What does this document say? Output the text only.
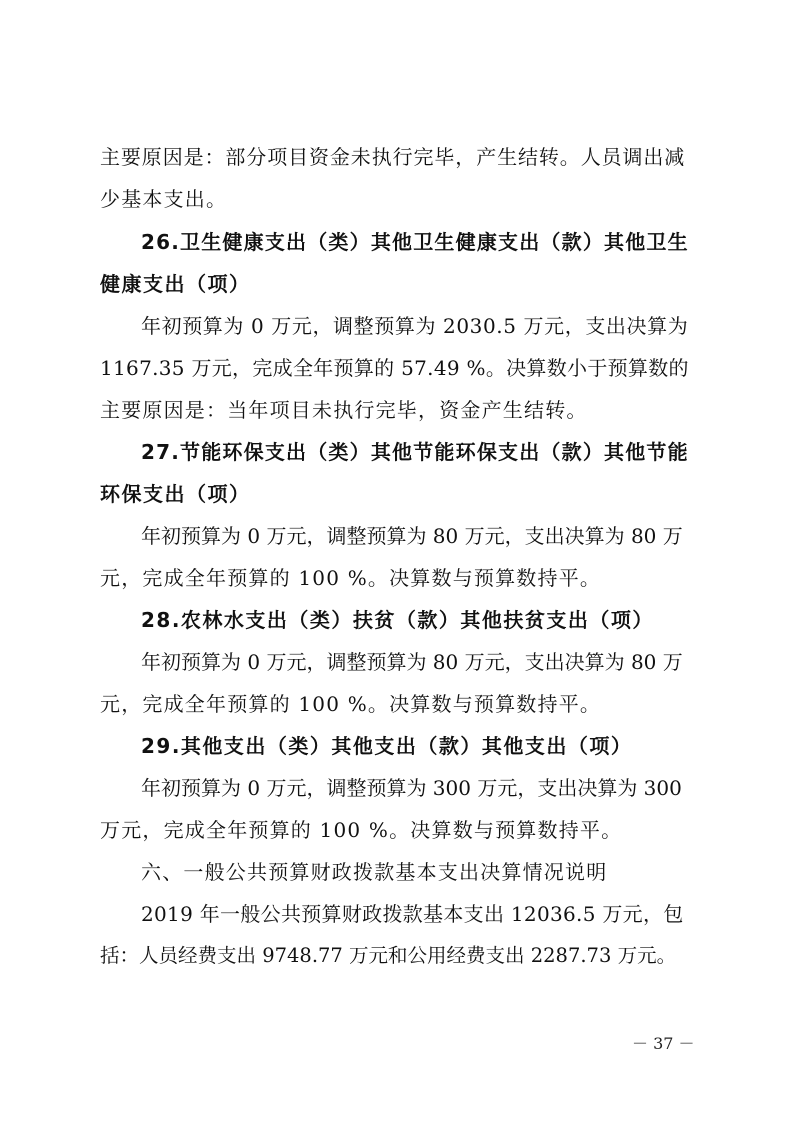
主要原因是：部分项目资金未执行完毕，产生结转。人员调出减
少基本支出。
26.卫生健康支出（类）其他卫生健康支出（款）其他卫生
健康支出（项）
年初预算为 0 万元，调整预算为 2030.5 万元，支出决算为
1167.35 万元，完成全年预算的 57.49 %。决算数小于预算数的
主要原因是：当年项目未执行完毕，资金产生结转。
27.节能环保支出（类）其他节能环保支出（款）其他节能
环保支出（项）
年初预算为 0 万元，调整预算为 80 万元，支出决算为 80 万
元，完成全年预算的 100 %。决算数与预算数持平。
28.农林水支出（类）扶贫（款）其他扶贫支出（项）
年初预算为 0 万元，调整预算为 80 万元，支出决算为 80 万
元，完成全年预算的 100 %。决算数与预算数持平。
29.其他支出（类）其他支出（款）其他支出（项）
年初预算为 0 万元，调整预算为 300 万元，支出决算为 300
万元，完成全年预算的 100 %。决算数与预算数持平。
六、一般公共预算财政拨款基本支出决算情况说明
2019 年一般公共预算财政拨款基本支出 12036.5 万元，包
括：人员经费支出 9748.77 万元和公用经费支出 2287.73 万元。
－ 37 －
